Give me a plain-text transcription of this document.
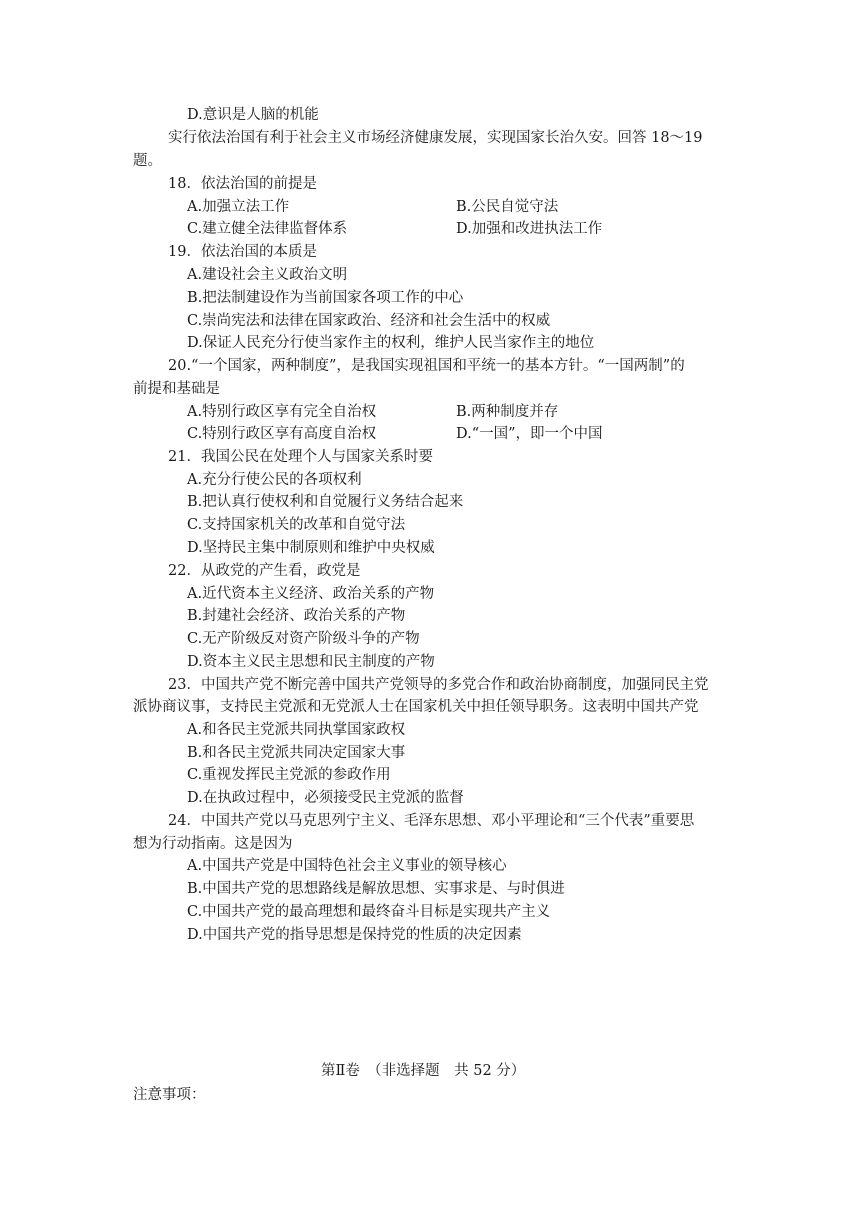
D.意识是人脑的机能
实行依法治国有利于社会主义市场经济健康发展，实现国家长治久安。回答 18～19
题。
18．依法治国的前提是
A.加强立法工作	B.公民自觉守法
C.建立健全法律监督体系	D.加强和改进执法工作
19．依法治国的本质是
A.建设社会主义政治文明
B.把法制建设作为当前国家各项工作的中心
C.崇尚宪法和法律在国家政治、经济和社会生活中的权威
D.保证人民充分行使当家作主的权利，维护人民当家作主的地位
20.“一个国家，两种制度”，是我国实现祖国和平统一的基本方针。“一国两制”的
前提和基础是
A.特别行政区享有完全自治权	B.两种制度并存
C.特别行政区享有高度自治权	D.“一国”，即一个中国
21．我国公民在处理个人与国家关系时要
A.充分行使公民的各项权利
B.把认真行使权利和自觉履行义务结合起来
C.支持国家机关的改革和自觉守法
D.坚持民主集中制原则和维护中央权威
22．从政党的产生看，政党是
A.近代资本主义经济、政治关系的产物
B.封建社会经济、政治关系的产物
C.无产阶级反对资产阶级斗争的产物
D.资本主义民主思想和民主制度的产物
23．中国共产党不断完善中国共产党领导的多党合作和政治协商制度，加强同民主党
派协商议事，支持民主党派和无党派人士在国家机关中担任领导职务。这表明中国共产党
A.和各民主党派共同执掌国家政权
B.和各民主党派共同决定国家大事
C.重视发挥民主党派的参政作用
D.在执政过程中，必须接受民主党派的监督
24．中国共产党以马克思列宁主义、毛泽东思想、邓小平理论和“三个代表”重要思
想为行动指南。这是因为
A.中国共产党是中国特色社会主义事业的领导核心
B.中国共产党的思想路线是解放思想、实事求是、与时俱进
C.中国共产党的最高理想和最终奋斗目标是实现共产主义
D.中国共产党的指导思想是保持党的性质的决定因素
第Ⅱ卷　（非选择题　共 52 分）
注意事项：
